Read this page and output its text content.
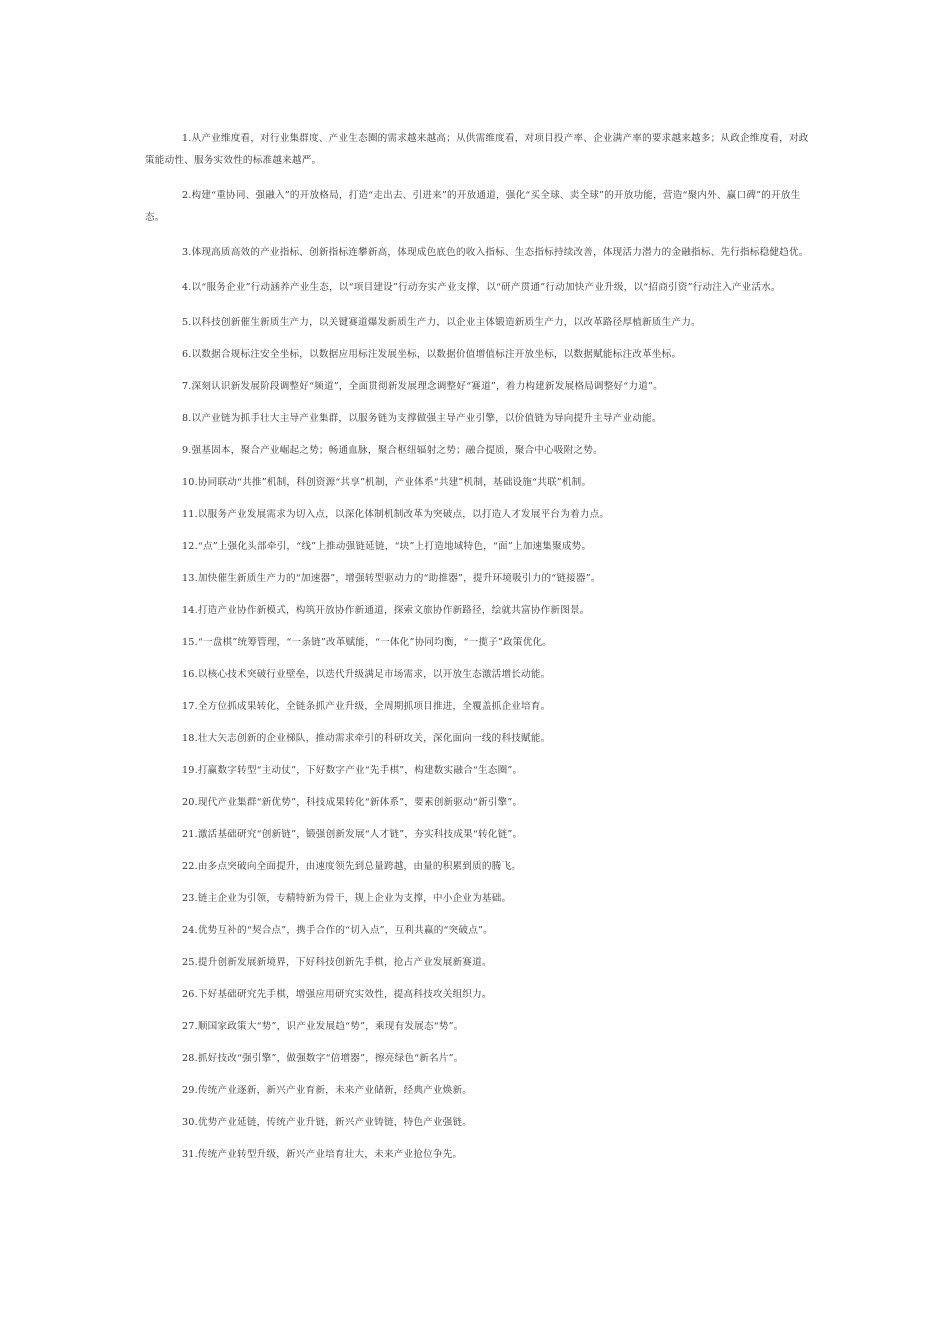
1.从产业维度看，对行业集群度、产业生态圈的需求越来越高；从供需维度看，对项目投产率、企业满产率的要求越来越多；从政企维度看，对政策能动性、服务实效性的标准越来越严。

2.构建“重协同、强融入”的开放格局，打造“走出去、引进来”的开放通道，强化“买全球、卖全球”的开放功能，营造“聚内外、赢口碑”的开放生态。

3.体现高质高效的产业指标、创新指标连攀新高，体现成色底色的收入指标、生态指标持续改善，体现活力潜力的金融指标、先行指标稳健趋优。

4.以“服务企业”行动涵养产业生态，以“项目建设”行动夯实产业支撑，以“研产贯通”行动加快产业升级，以“招商引资”行动注入产业活水。

5.以科技创新催生新质生产力，以关键赛道爆发新质生产力，以企业主体锻造新质生产力，以改革路径厚植新质生产力。

6.以数据合规标注安全坐标，以数据应用标注发展坐标，以数据价值增值标注开放坐标，以数据赋能标注改革坐标。

7.深刻认识新发展阶段调整好“频道”，全面贯彻新发展理念调整好“赛道”，着力构建新发展格局调整好“力道”。

8.以产业链为抓手壮大主导产业集群，以服务链为支撑做强主导产业引擎，以价值链为导向提升主导产业动能。

9.强基固本，聚合产业崛起之势；畅通血脉，聚合枢纽辐射之势；融合提质，聚合中心吸附之势。

10.协同联动“共推”机制，科创资源“共享”机制，产业体系“共建”机制，基础设施“共联”机制。

11.以服务产业发展需求为切入点，以深化体制机制改革为突破点，以打造人才发展平台为着力点。

12.“点”上强化头部牵引，“线”上推动强链延链，“块”上打造地域特色，“面”上加速集聚成势。

13.加快催生新质生产力的“加速器”，增强转型驱动力的“助推器”，提升环境吸引力的“链接器”。

14.打造产业协作新模式，构筑开放协作新通道，探索文旅协作新路径，绘就共富协作新图景。

15.“一盘棋”统筹管理，“一条链”改革赋能，“一体化”协同均衡，“一揽子”政策优化。

16.以核心技术突破行业壁垒，以迭代升级满足市场需求，以开放生态激活增长动能。

17.全方位抓成果转化，全链条抓产业升级，全周期抓项目推进，全覆盖抓企业培育。

18.壮大矢志创新的企业梯队，推动需求牵引的科研攻关，深化面向一线的科技赋能。

19.打赢数字转型“主动仗”，下好数字产业“先手棋”，构建数实融合“生态圈”。

20.现代产业集群“新优势”，科技成果转化“新体系”，要素创新驱动“新引擎”。

21.激活基础研究“创新链”，锻强创新发展“人才链”，夯实科技成果“转化链”。

22.由多点突破向全面提升，由速度领先到总量跨越，由量的积累到质的腾飞。

23.链主企业为引领，专精特新为骨干，规上企业为支撑，中小企业为基础。

24.优势互补的“契合点”，携手合作的“切入点”，互利共赢的“突破点”。

25.提升创新发展新境界，下好科技创新先手棋，抢占产业发展新赛道。

26.下好基础研究先手棋，增强应用研究实效性，提高科技攻关组织力。

27.顺国家政策大“势”，识产业发展趋“势”，乘现有发展态“势”。

28.抓好技改“强引擎”，做强数字“倍增器”，擦亮绿色“新名片”。

29.传统产业逐新，新兴产业育新，未来产业储新，经典产业焕新。

30.优势产业延链，传统产业升链，新兴产业铸链，特色产业强链。

31.传统产业转型升级，新兴产业培育壮大，未来产业抢位争先。
